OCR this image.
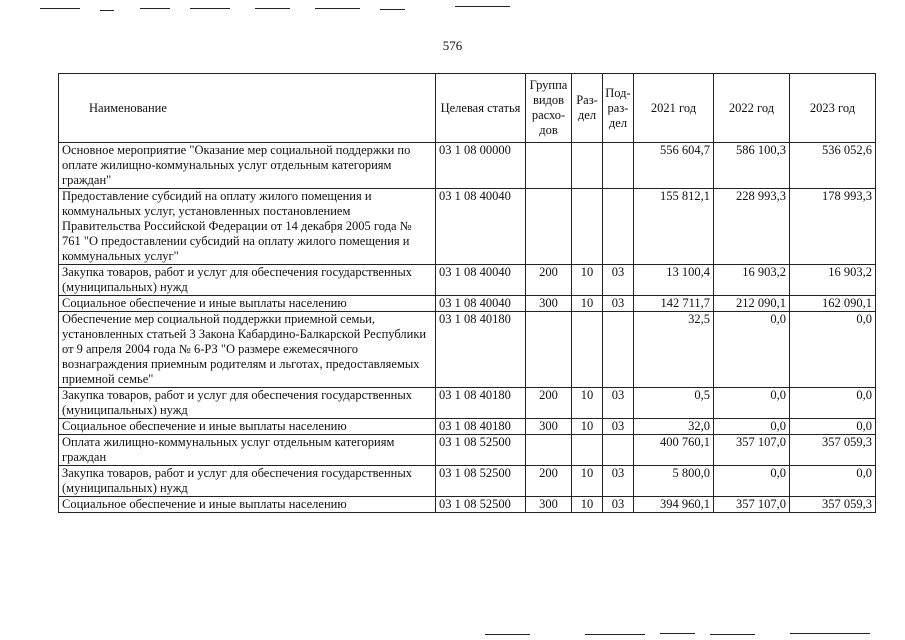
576
Наименование	Целевая статья	Группа видов расхо-дов	Раз-дел	Под-раз-дел	2021 год	2022 год	2023 год
Основное мероприятие "Оказание мер социальной поддержки по оплате жилищно-коммунальных услуг отдельным категориям граждан"	03 1 08 00000				556 604,7	586 100,3	536 052,6
Предоставление субсидий на оплату жилого помещения и коммунальных услуг, установленных постановлением Правительства Российской Федерации от 14 декабря 2005 года № 761 "О предоставлении субсидий на оплату жилого помещения и коммунальных услуг"	03 1 08 40040				155 812,1	228 993,3	178 993,3
Закупка товаров, работ и услуг для обеспечения государственных (муниципальных) нужд	03 1 08 40040	200	10	03	13 100,4	16 903,2	16 903,2
Социальное обеспечение и иные выплаты населению	03 1 08 40040	300	10	03	142 711,7	212 090,1	162 090,1
Обеспечение мер социальной поддержки приемной семьи, установленных статьей 3 Закона Кабардино-Балкарской Республики от 9 апреля 2004 года № 6-РЗ "О размере ежемесячного вознаграждения приемным родителям и льготах, предоставляемых приемной семье"	03 1 08 40180				32,5	0,0	0,0
Закупка товаров, работ и услуг для обеспечения государственных (муниципальных) нужд	03 1 08 40180	200	10	03	0,5	0,0	0,0
Социальное обеспечение и иные выплаты населению	03 1 08 40180	300	10	03	32,0	0,0	0,0
Оплата жилищно-коммунальных услуг отдельным категориям граждан	03 1 08 52500				400 760,1	357 107,0	357 059,3
Закупка товаров, работ и услуг для обеспечения государственных (муниципальных) нужд	03 1 08 52500	200	10	03	5 800,0	0,0	0,0
Социальное обеспечение и иные выплаты населению	03 1 08 52500	300	10	03	394 960,1	357 107,0	357 059,3
